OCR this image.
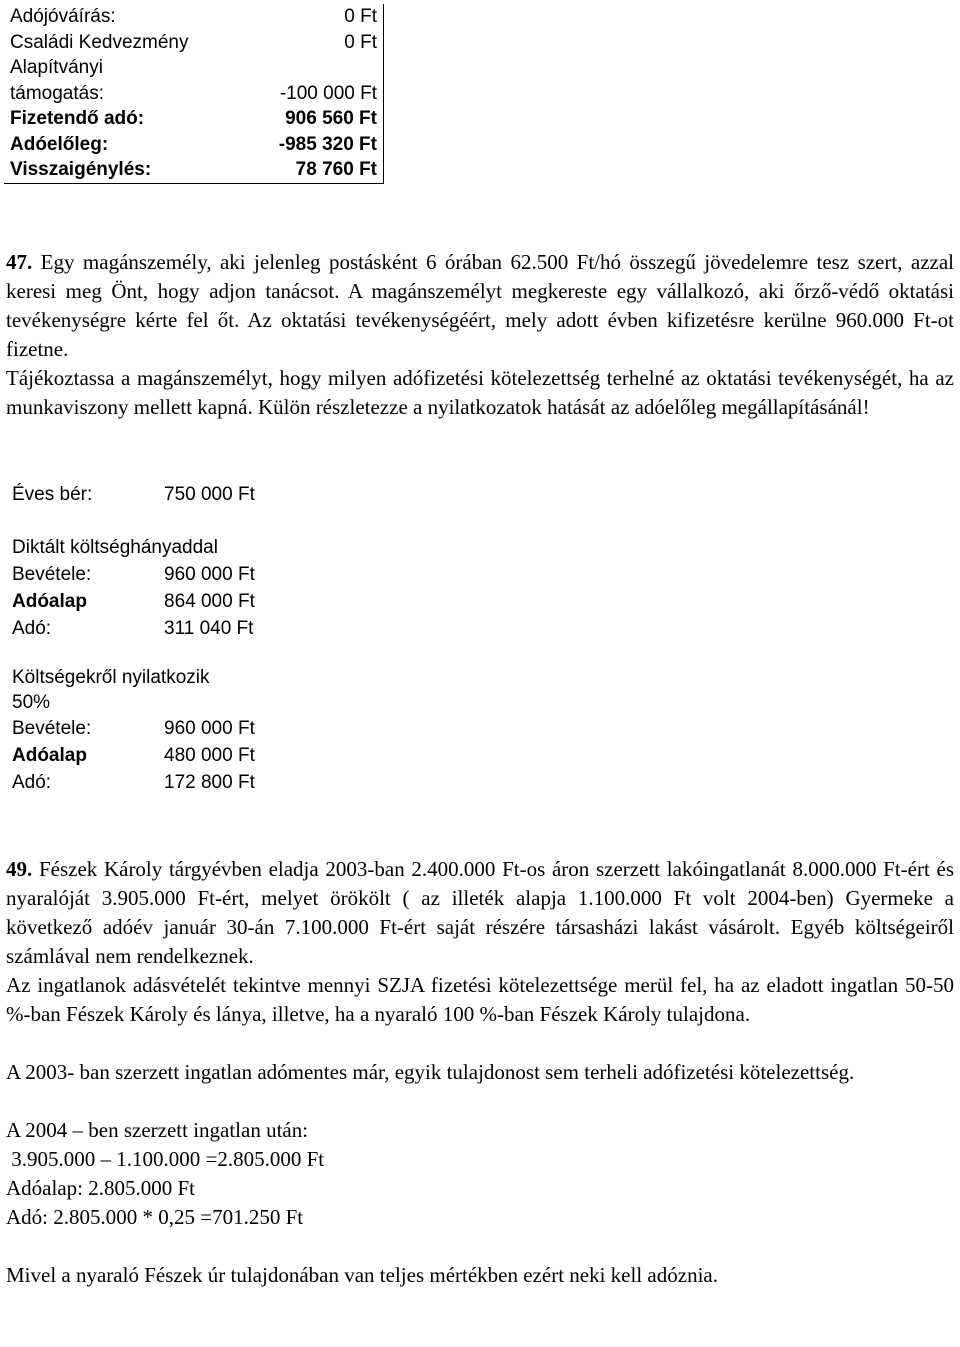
Adójóváírás:	0 Ft
Családi Kedvezmény	0 Ft
Alapítványi	
támogatás:	-100 000 Ft
Fizetendő adó:	906 560 Ft
Adóelőleg:	-985 320 Ft
Visszaigénylés:	78 760 Ft
47. Egy magánszemély, aki jelenleg postásként 6 órában 62.500 Ft/hó összegű jövedelemre tesz szert, azzal keresi meg Önt, hogy adjon tanácsot. A magánszemélyt megkereste egy vállalkozó, aki őrző-védő oktatási tevékenységre kérte fel őt. Az oktatási tevékenységéért, mely adott évben kifizetésre kerülne 960.000 Ft-ot fizetne.
Tájékoztassa a magánszemélyt, hogy milyen adófizetési kötelezettség terhelné az oktatási tevékenységét, ha az munkaviszony mellett kapná. Külön részletezze a nyilatkozatok hatását az adóelőleg megállapításánál!
Éves bér:	750 000 Ft
Diktált költséghányaddal
Bevétele:	960 000 Ft
Adóalap	864 000 Ft
Adó:	311 040 Ft
Költségekről nyilatkozik
50%
Bevétele:	960 000 Ft
Adóalap	480 000 Ft
Adó:	172 800 Ft

49. Fészek Károly tárgyévben eladja 2003-ban 2.400.000 Ft-os áron szerzett lakóingatlanát 8.000.000 Ft-ért és nyaralóját 3.905.000 Ft-ért, melyet örökölt ( az illeték alapja 1.100.000 Ft volt 2004-ben) Gyermeke a következő adóév január 30-án 7.100.000 Ft-ért saját részére társasházi lakást vásárolt. Egyéb költségeiről számlával nem rendelkeznek.

Az ingatlanok adásvételét tekintve mennyi SZJA fizetési kötelezettsége merül fel, ha az eladott ingatlan 50-50 %-ban Fészek Károly és lánya, illetve, ha a nyaraló 100 %-ban Fészek Károly tulajdona.

A 2003- ban szerzett ingatlan adómentes már, egyik tulajdonost sem terheli adófizetési kötelezettség.

A 2004 – ben szerzett ingatlan után:

3.905.000 – 1.100.000 =2.805.000 Ft

Adóalap: 2.805.000 Ft

Adó: 2.805.000 * 0,25 =701.250 Ft

Mivel a nyaraló Fészek úr tulajdonában van teljes mértékben ezért neki kell adóznia.
